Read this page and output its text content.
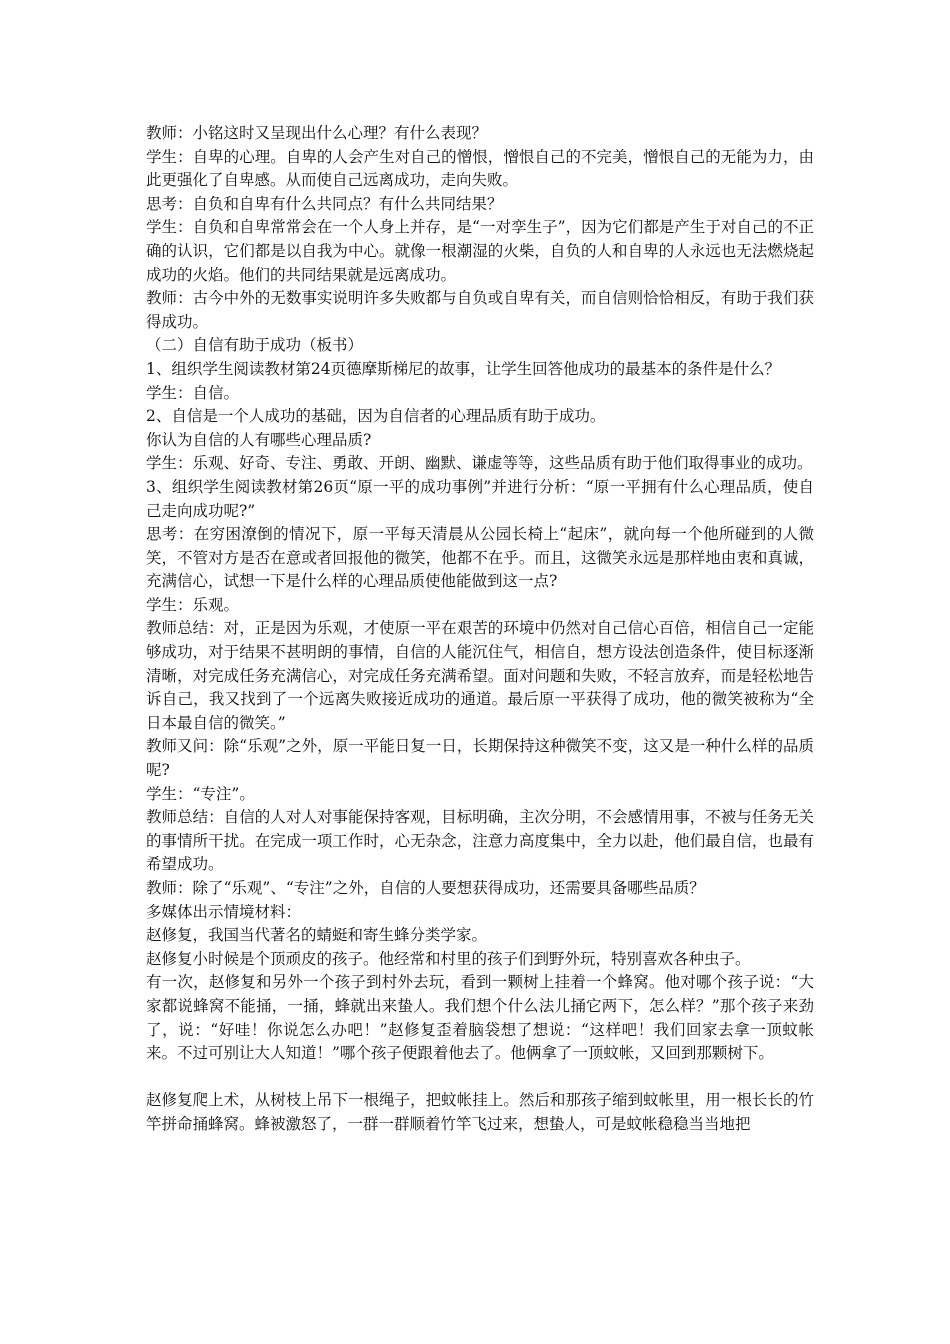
教师：小铭这时又呈现出什么心理？有什么表现？

学生：自卑的心理。自卑的人会产生对自己的憎恨，憎恨自己的不完美，憎恨自己的无能为力，由此更强化了自卑感。从而使自己远离成功，走向失败。

思考：自负和自卑有什么共同点？有什么共同结果？

学生：自负和自卑常常会在一个人身上并存，是“一对孪生子”，因为它们都是产生于对自己的不正确的认识，它们都是以自我为中心。就像一根潮湿的火柴，自负的人和自卑的人永远也无法燃烧起成功的火焰。他们的共同结果就是远离成功。

教师：古今中外的无数事实说明许多失败都与自负或自卑有关，而自信则恰恰相反，有助于我们获得成功。

（二）自信有助于成功（板书）

1、组织学生阅读教材第24页德摩斯梯尼的故事，让学生回答他成功的最基本的条件是什么？

学生：自信。

2、自信是一个人成功的基础，因为自信者的心理品质有助于成功。

你认为自信的人有哪些心理品质?

学生：乐观、好奇、专注、勇敢、开朗、幽默、谦虚等等，这些品质有助于他们取得事业的成功。

3、组织学生阅读教材第26页“原一平的成功事例”并进行分析：“原一平拥有什么心理品质，使自己走向成功呢?”

思考：在穷困潦倒的情况下，原一平每天清晨从公园长椅上“起床”，就向每一个他所碰到的人微笑，不管对方是否在意或者回报他的微笑，他都不在乎。而且，这微笑永远是那样地由衷和真诚，充满信心，试想一下是什么样的心理品质使他能做到这一点?

学生：乐观。

教师总结：对，正是因为乐观，才使原一平在艰苦的环境中仍然对自己信心百倍，相信自己一定能够成功，对于结果不甚明朗的事情，自信的人能沉住气，相信自，想方设法创造条件，使目标逐渐清晰，对完成任务充满信心，对完成任务充满希望。面对问题和失败，不轻言放弃，而是轻松地告诉自己，我又找到了一个远离失败接近成功的通道。最后原一平获得了成功，他的微笑被称为“全日本最自信的微笑。”

教师又问：除“乐观”之外，原一平能日复一日，长期保持这种微笑不变，这又是一种什么样的品质呢?

学生：“专注”。

教师总结：自信的人对人对事能保持客观，目标明确，主次分明，不会感情用事，不被与任务无关的事情所干扰。在完成一项工作时，心无杂念，注意力高度集中，全力以赴，他们最自信，也最有希望成功。

教师：除了“乐观”、“专注”之外，自信的人要想获得成功，还需要具备哪些品质？

多媒体出示情境材料：

赵修复，我国当代著名的蜻蜓和寄生蜂分类学家。

赵修复小时候是个顶顽皮的孩子。他经常和村里的孩子们到野外玩，特别喜欢各种虫子。

有一次，赵修复和另外一个孩子到村外去玩，看到一颗树上挂着一个蜂窝。他对哪个孩子说：“大家都说蜂窝不能捅，一捅，蜂就出来蛰人。我们想个什么法儿捅它两下，怎么样？”那个孩子来劲了，说：“好哇！你说怎么办吧！”赵修复歪着脑袋想了想说：“这样吧！我们回家去拿一顶蚊帐来。不过可别让大人知道！”哪个孩子便跟着他去了。他俩拿了一顶蚊帐，又回到那颗树下。

赵修复爬上术，从树枝上吊下一根绳子，把蚊帐挂上。然后和那孩子缩到蚊帐里，用一根长长的竹竿拼命捅蜂窝。蜂被激怒了，一群一群顺着竹竿飞过来，想蛰人，可是蚊帐稳稳当当地把
